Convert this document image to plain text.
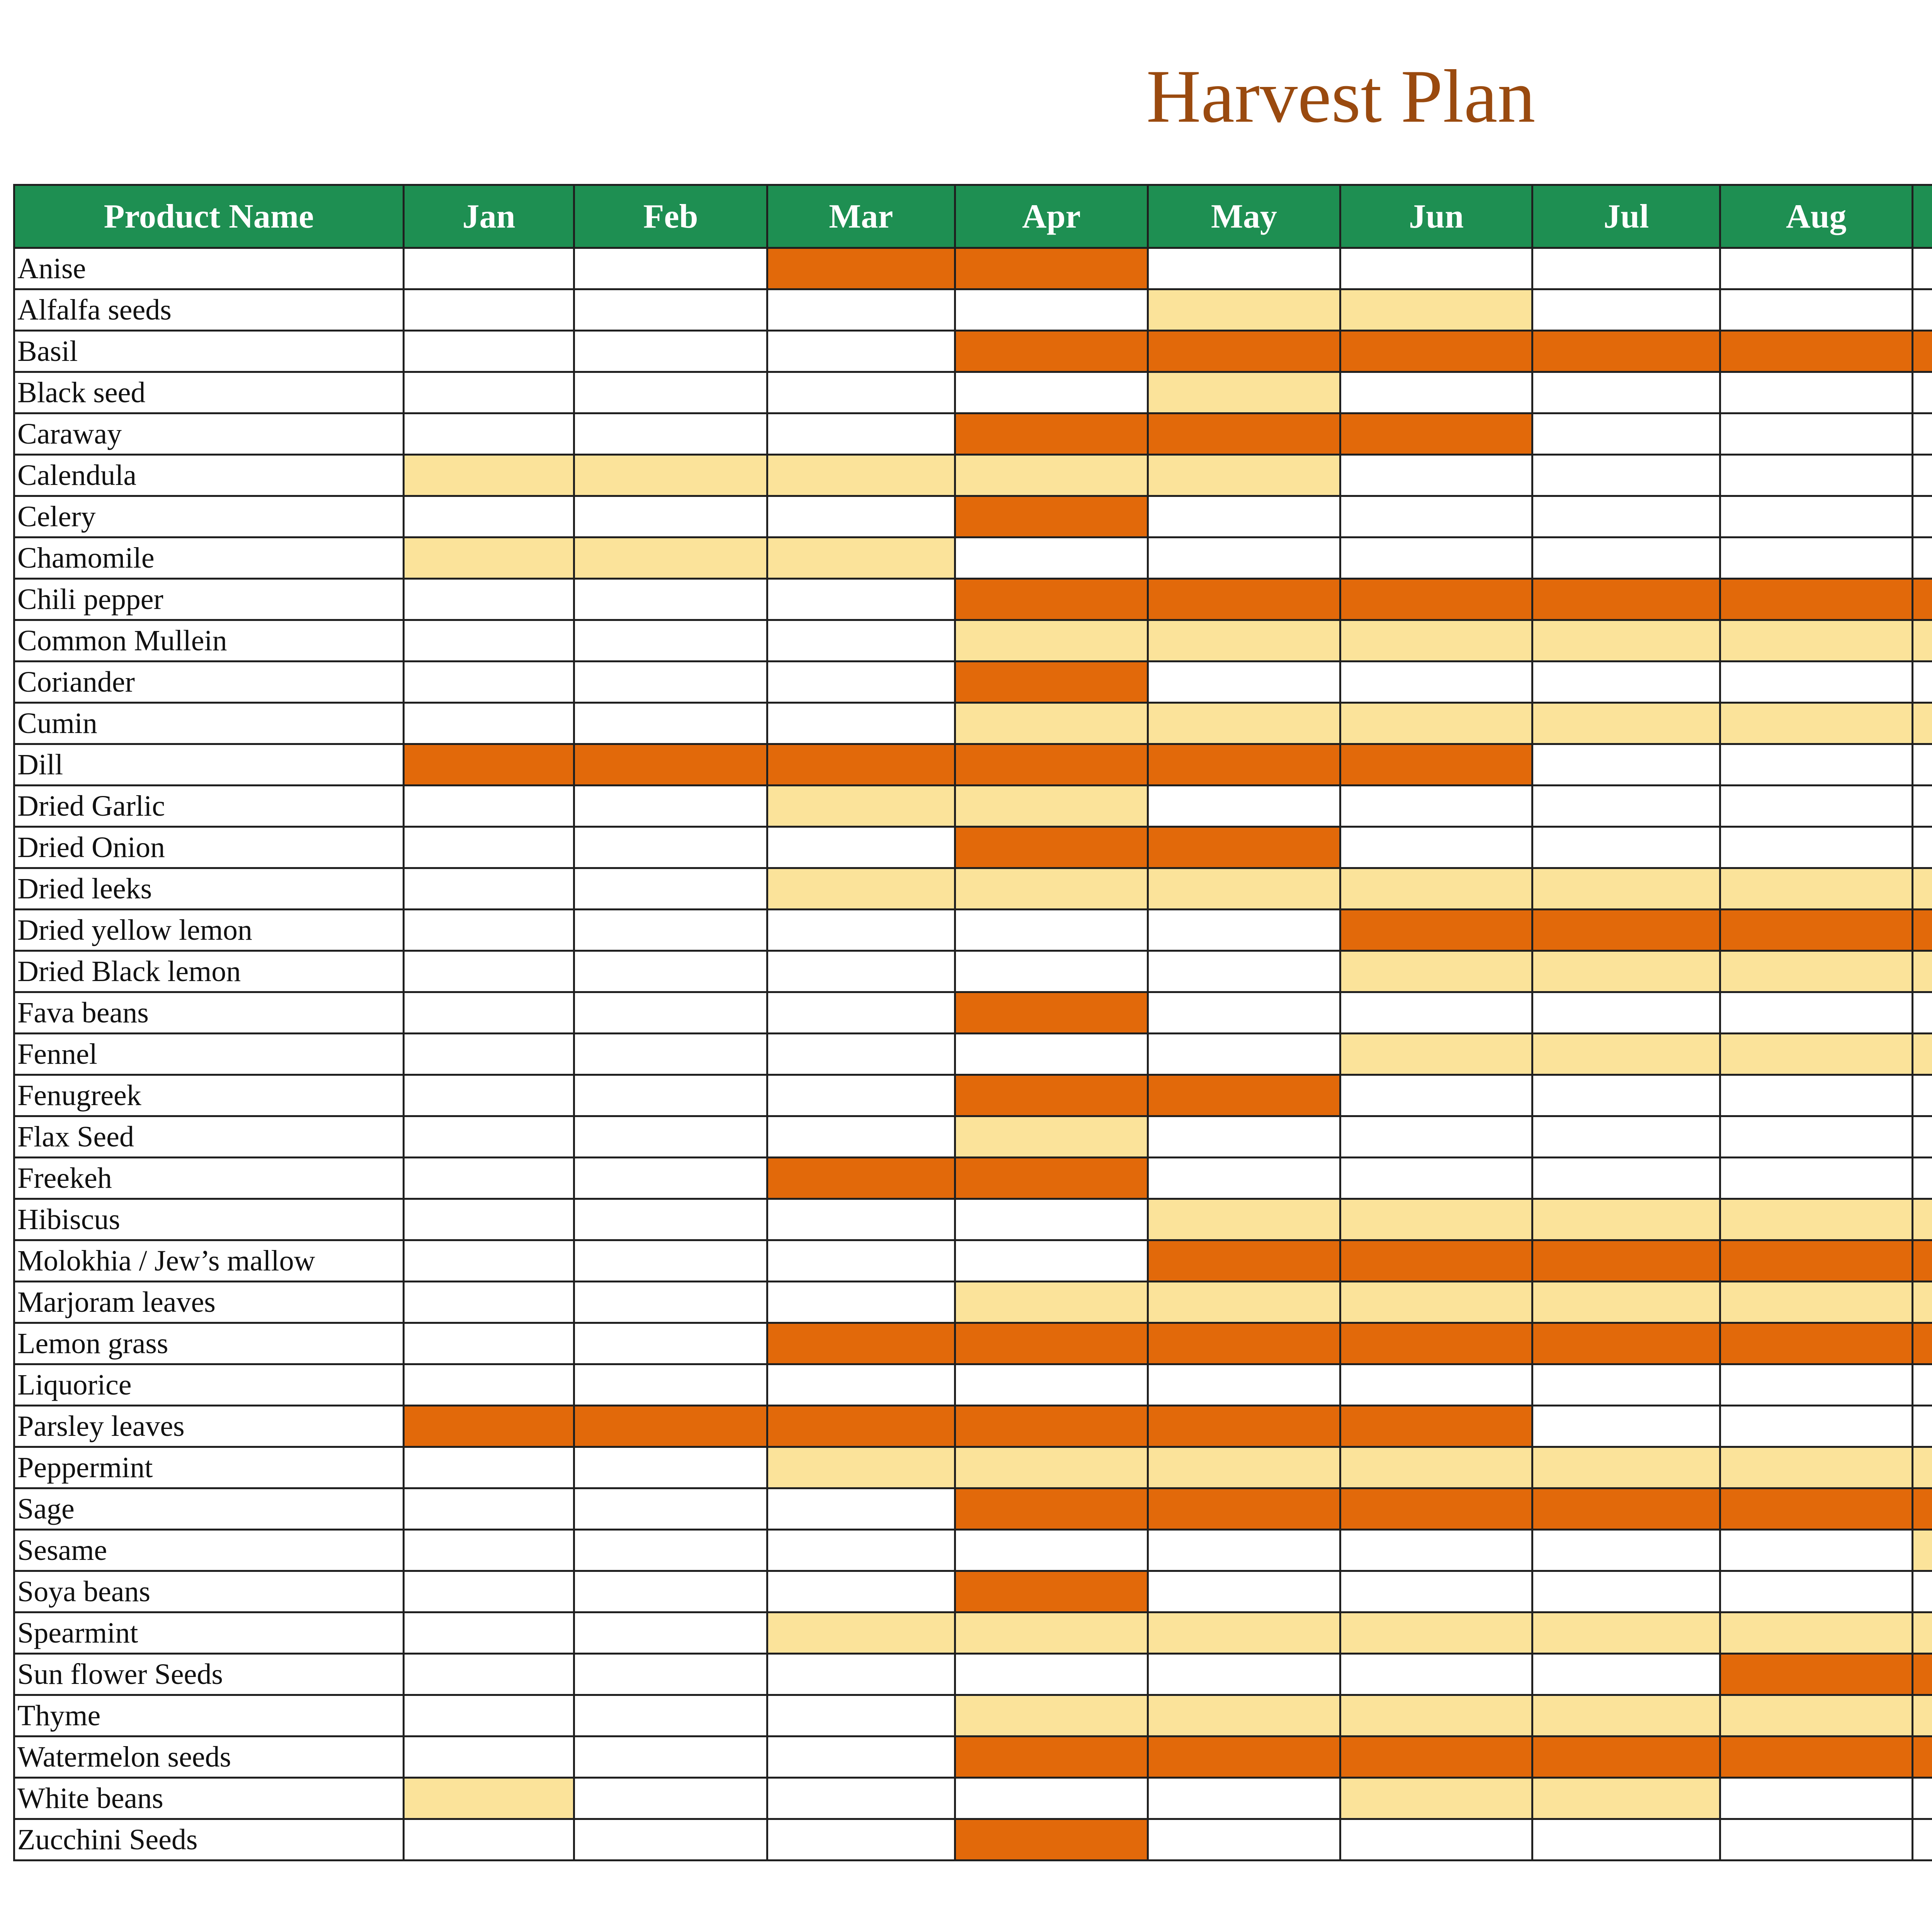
Harvest Plan
Product Name	Jan	Feb	Mar	Apr	May	Jun	Jul	Aug				
Anise												
Alfalfa seeds												
Basil												
Black seed												
Caraway												
Calendula												
Celery												
Chamomile												
Chili pepper												
Common Mullein												
Coriander												
Cumin												
Dill												
Dried Garlic												
Dried Onion												
Dried leeks												
Dried yellow lemon												
Dried Black lemon												
Fava beans												
Fennel												
Fenugreek												
Flax Seed												
Freekeh												
Hibiscus												
Molokhia / Jew’s mallow												
Marjoram leaves												
Lemon grass												
Liquorice												
Parsley leaves												
Peppermint												
Sage												
Sesame												
Soya beans												
Spearmint												
Sun flower Seeds												
Thyme												
Watermelon seeds												
White beans												
Zucchini Seeds												
